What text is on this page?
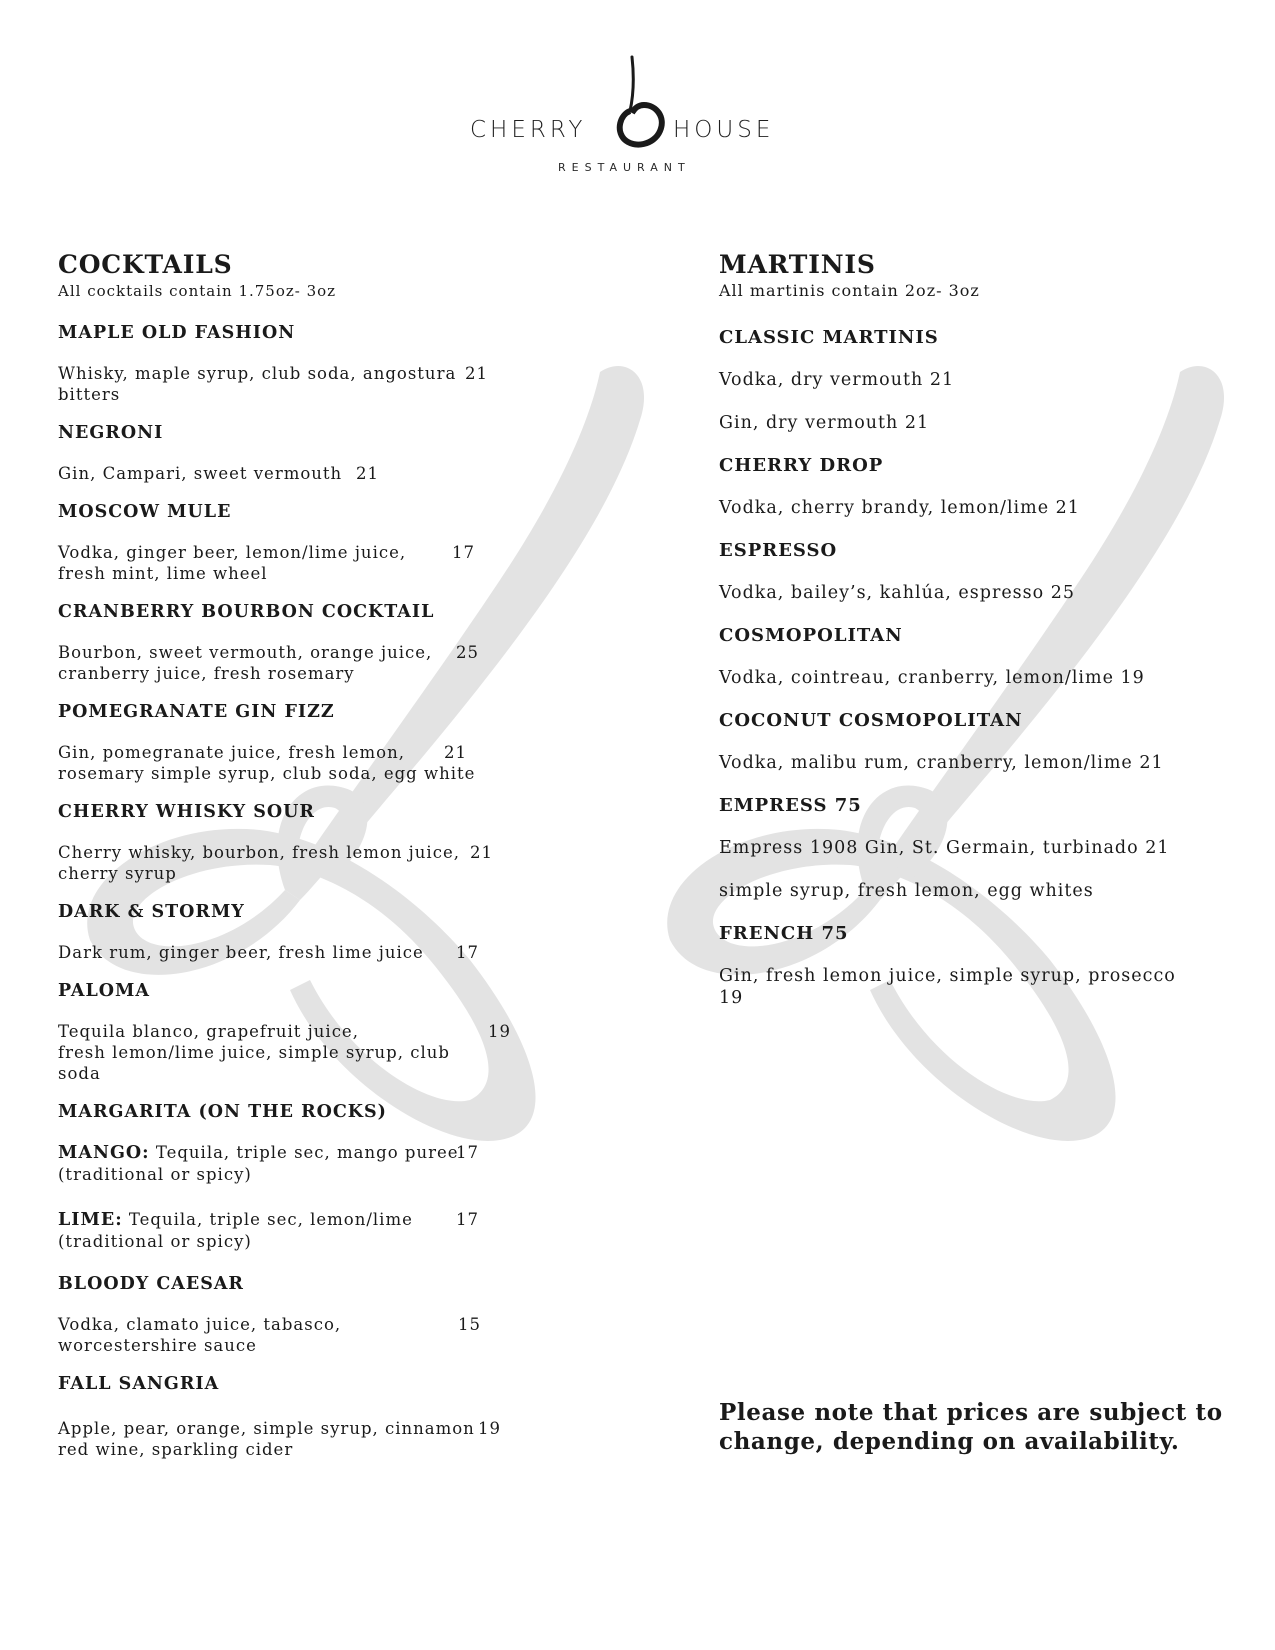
CHERRY	HOUSE
RESTAURANT
COCKTAILS

All cocktails contain 1.75oz- 3oz

MAPLE OLD FASHION

Whisky, maple syrup, club soda, angostura 21

bitters

NEGRONI

Gin, Campari, sweet vermouth 21

MOSCOW MULE

Vodka, ginger beer, lemon/lime juice,	17

fresh mint, lime wheel

CRANBERRY BOURBON COCKTAIL

Bourbon, sweet vermouth, orange juice, 25

cranberry juice, fresh rosemary

POMEGRANATE GIN FIZZ

Gin, pomegranate juice, fresh lemon, 21

rosemary simple syrup, club soda, egg white

CHERRY WHISKY SOUR

Cherry whisky, bourbon, fresh lemon juice, 21

cherry syrup

DARK & STORMY

Dark rum, ginger beer, fresh lime juice 17

PALOMA

Tequila blanco, grapefruit juice,	19

fresh lemon/lime juice, simple syrup, club soda

MARGARITA (ON THE ROCKS)

MANGO: Tequila, triple sec, mango puree
17

(traditional or spicy)

LIME: Tequila, triple sec, lemon/lime	17

(traditional or spicy)

BLOODY CAESAR

Vodka, clamato juice, tabasco,	15

worcestershire sauce

FALL SANGRIA

Apple, pear, orange, simple syrup, cinnamon 19

red wine, sparkling cider

MARTINIS

All martinis contain 2oz- 3oz

CLASSIC MARTINIS

Vodka, dry vermouth 21

Gin, dry vermouth 21

CHERRY DROP

Vodka, cherry brandy, lemon/lime 21

ESPRESSO

Vodka, bailey’s, kahlúa, espresso 25

COSMOPOLITAN

Vodka, cointreau, cranberry, lemon/lime 19

COCONUT COSMOPOLITAN

Vodka, malibu rum, cranberry, lemon/lime 21

EMPRESS 75

Empress 1908 Gin, St. Germain, turbinado 21

simple syrup, fresh lemon, egg whites

FRENCH 75

Gin, fresh lemon juice, simple syrup, prosecco
19

Please note that prices are subject to change, depending on availability.
